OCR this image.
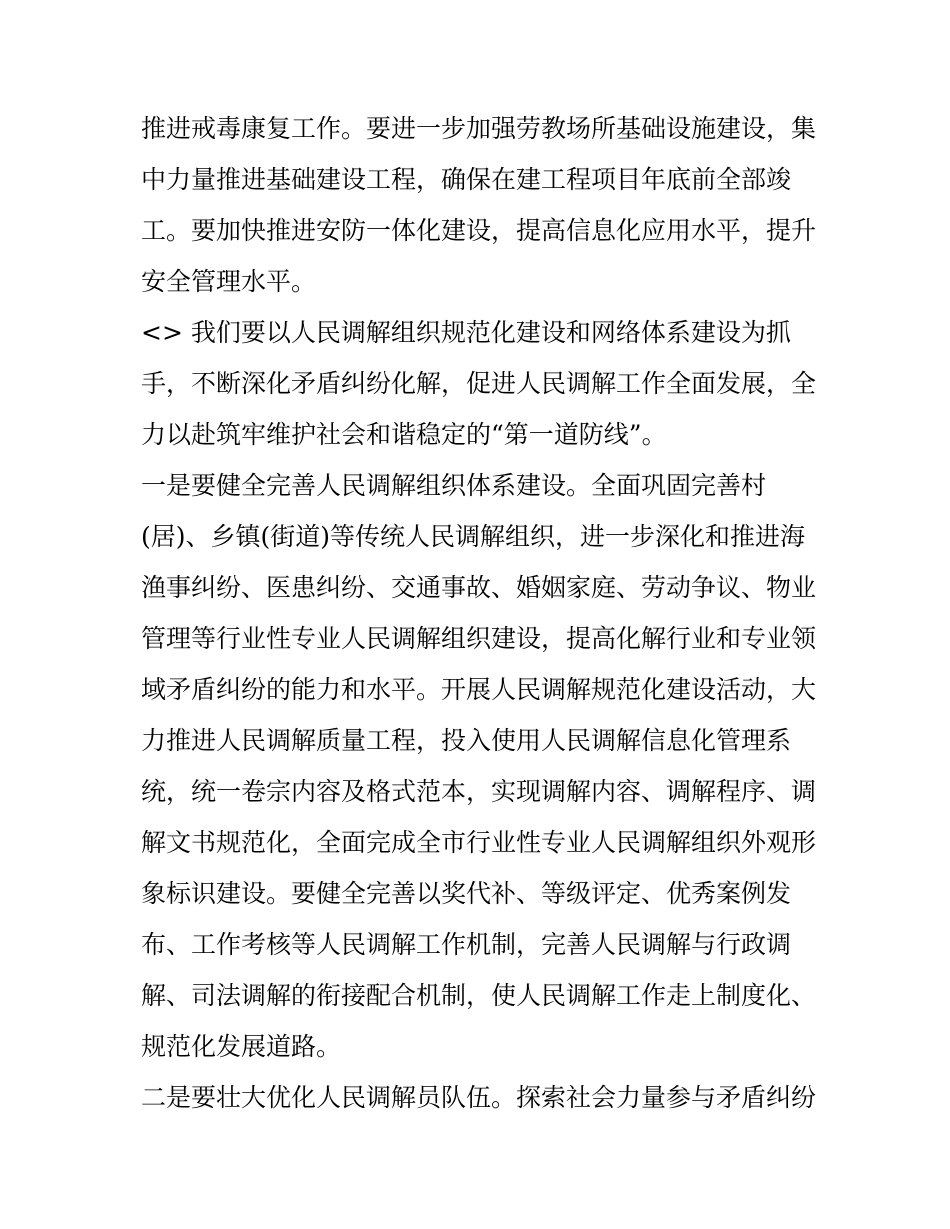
推进戒毒康复工作。要进一步加强劳教场所基础设施建设，集
中力量推进基础建设工程，确保在建工程项目年底前全部竣
工。要加快推进安防一体化建设，提高信息化应用水平，提升
安全管理水平。
<> 我们要以人民调解组织规范化建设和网络体系建设为抓
手，不断深化矛盾纠纷化解，促进人民调解工作全面发展，全
力以赴筑牢维护社会和谐稳定的“第一道防线”。
一是要健全完善人民调解组织体系建设。全面巩固完善村
(居)、乡镇(街道)等传统人民调解组织，进一步深化和推进海
渔事纠纷、医患纠纷、交通事故、婚姻家庭、劳动争议、物业
管理等行业性专业人民调解组织建设，提高化解行业和专业领
域矛盾纠纷的能力和水平。开展人民调解规范化建设活动，大
力推进人民调解质量工程，投入使用人民调解信息化管理系
统，统一卷宗内容及格式范本，实现调解内容、调解程序、调
解文书规范化，全面完成全市行业性专业人民调解组织外观形
象标识建设。要健全完善以奖代补、等级评定、优秀案例发
布、工作考核等人民调解工作机制，完善人民调解与行政调
解、司法调解的衔接配合机制，使人民调解工作走上制度化、
规范化发展道路。
二是要壮大优化人民调解员队伍。探索社会力量参与矛盾纠纷
